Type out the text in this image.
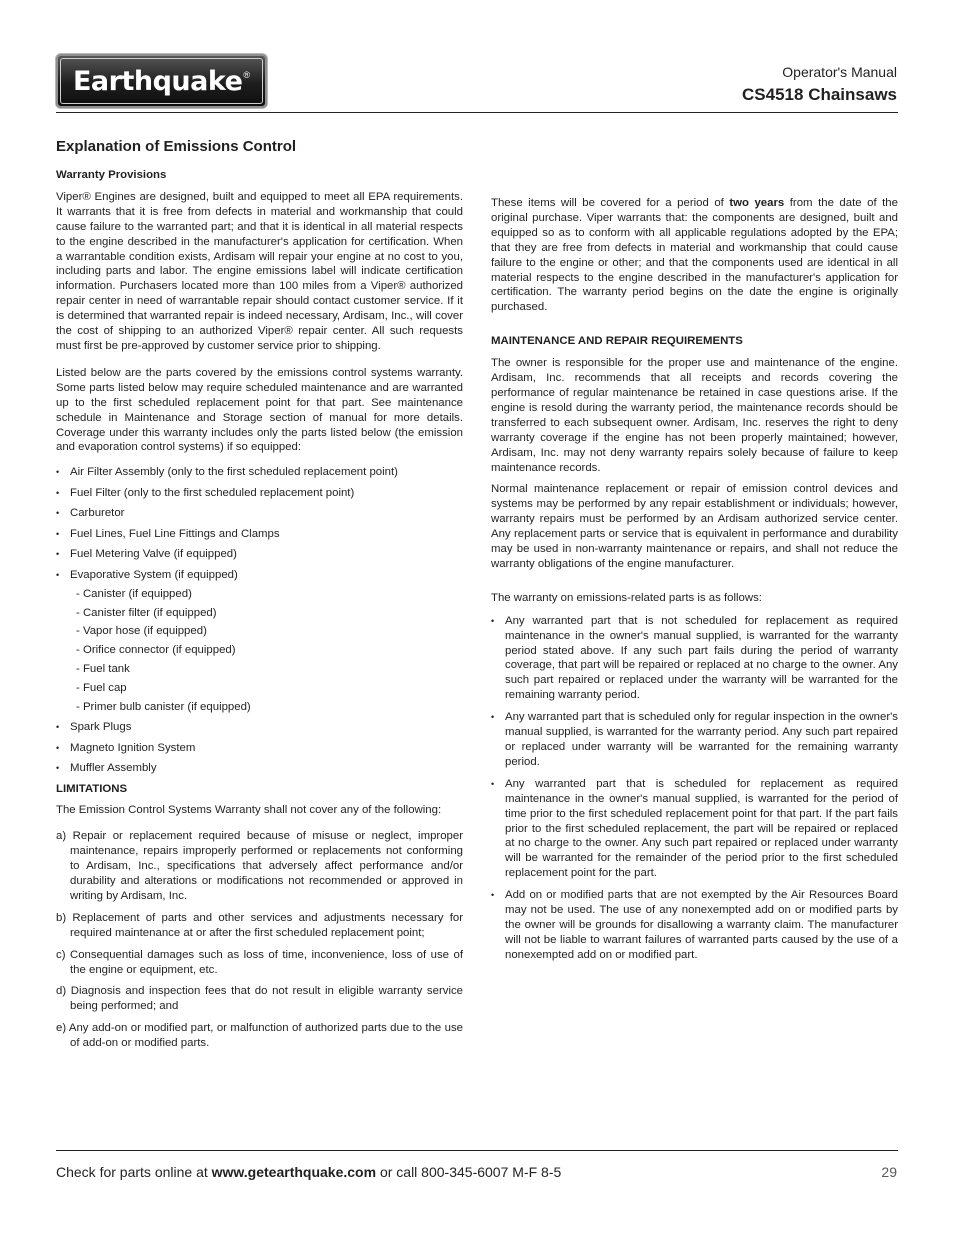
Earthquake ®	Operator's Manual
CS4518 Chainsaws
Explanation of Emissions Control

Warranty Provisions

Viper® Engines are designed, built and equipped to meet all EPA requirements. It warrants that it is free from defects in material and workmanship that could cause failure to the warranted part; and that it is identical in all material respects to the engine described in the manufacturer's application for certification. When a warrantable condition exists, Ardisam will repair your engine at no cost to you, including parts and labor. The engine emissions label will indicate certification information. Purchasers located more than 100 miles from a Viper® authorized repair center in need of warrantable repair should contact customer service. If it is determined that warranted repair is indeed necessary, Ardisam, Inc., will cover the cost of shipping to an authorized Viper® repair center. All such requests must first be pre-approved by customer service prior to shipping.

Listed below are the parts covered by the emissions control systems warranty. Some parts listed below may require scheduled maintenance and are warranted up to the first scheduled replacement point for that part. See maintenance schedule in Maintenance and Storage section of manual for more details. Coverage under this warranty includes only the parts listed below (the emission and evaporation control systems) if so equipped:

• Air Filter Assembly (only to the first scheduled replacement point)
• Fuel Filter (only to the first scheduled replacement point)
• Carburetor
• Fuel Lines, Fuel Line Fittings and Clamps
• Fuel Metering Valve (if equipped)
• Evaporative System (if equipped)
- Canister (if equipped)
- Canister filter (if equipped)
- Vapor hose (if equipped)
- Orifice connector (if equipped)
- Fuel tank
- Fuel cap
- Primer bulb canister (if equipped)
• Spark Plugs
• Magneto Ignition System
• Muffler Assembly

LIMITATIONS

The Emission Control Systems Warranty shall not cover any of the following:

a) Repair or replacement required because of misuse or neglect, improper maintenance, repairs improperly performed or replacements not conforming to Ardisam, Inc., specifications that adversely affect performance and/or durability and alterations or modifications not recommended or approved in writing by Ardisam, Inc.

b) Replacement of parts and other services and adjustments necessary for required maintenance at or after the first scheduled replacement point;

c) Consequential damages such as loss of time, inconvenience, loss of use of the engine or equipment, etc.

d) Diagnosis and inspection fees that do not result in eligible warranty service being performed; and

e) Any add-on or modified part, or malfunction of authorized parts due to the use of add-on or modified parts.

These items will be covered for a period of two years from the date of the original purchase. Viper warrants that: the components are designed, built and equipped so as to conform with all applicable regulations adopted by the EPA; that they are free from defects in material and workmanship that could cause failure to the engine or other; and that the components used are identical in all material respects to the engine described in the manufacturer's application for certification. The warranty period begins on the date the engine is originally purchased.

MAINTENANCE AND REPAIR REQUIREMENTS

The owner is responsible for the proper use and maintenance of the engine. Ardisam, Inc. recommends that all receipts and records covering the performance of regular maintenance be retained in case questions arise. If the engine is resold during the warranty period, the maintenance records should be transferred to each subsequent owner. Ardisam, Inc. reserves the right to deny warranty coverage if the engine has not been properly maintained; however, Ardisam, Inc. may not deny warranty repairs solely because of failure to keep maintenance records.

Normal maintenance replacement or repair of emission control devices and systems may be performed by any repair establishment or individuals; however, warranty repairs must be performed by an Ardisam authorized service center. Any replacement parts or service that is equivalent in performance and durability may be used in non-warranty maintenance or repairs, and shall not reduce the warranty obligations of the engine manufacturer.

The warranty on emissions-related parts is as follows:

• Any warranted part that is not scheduled for replacement as required maintenance in the owner's manual supplied, is warranted for the warranty period stated above. If any such part fails during the period of warranty coverage, that part will be repaired or replaced at no charge to the owner. Any such part repaired or replaced under the warranty will be warranted for the remaining warranty period.
• Any warranted part that is scheduled only for regular inspection in the owner's manual supplied, is warranted for the warranty period. Any such part repaired or replaced under warranty will be warranted for the remaining warranty period.
• Any warranted part that is scheduled for replacement as required maintenance in the owner's manual supplied, is warranted for the period of time prior to the first scheduled replacement point for that part. If the part fails prior to the first scheduled replacement, the part will be repaired or replaced at no charge to the owner. Any such part repaired or replaced under warranty will be warranted for the remainder of the period prior to the first scheduled replacement point for the part.
• Add on or modified parts that are not exempted by the Air Resources Board may not be used. The use of any nonexempted add on or modified parts by the owner will be grounds for disallowing a warranty claim. The manufacturer will not be liable to warrant failures of warranted parts caused by the use of a nonexempted add on or modified part.
Check for parts online at www.getearthquake.com or call 800-345-6007 M-F 8-5	29
